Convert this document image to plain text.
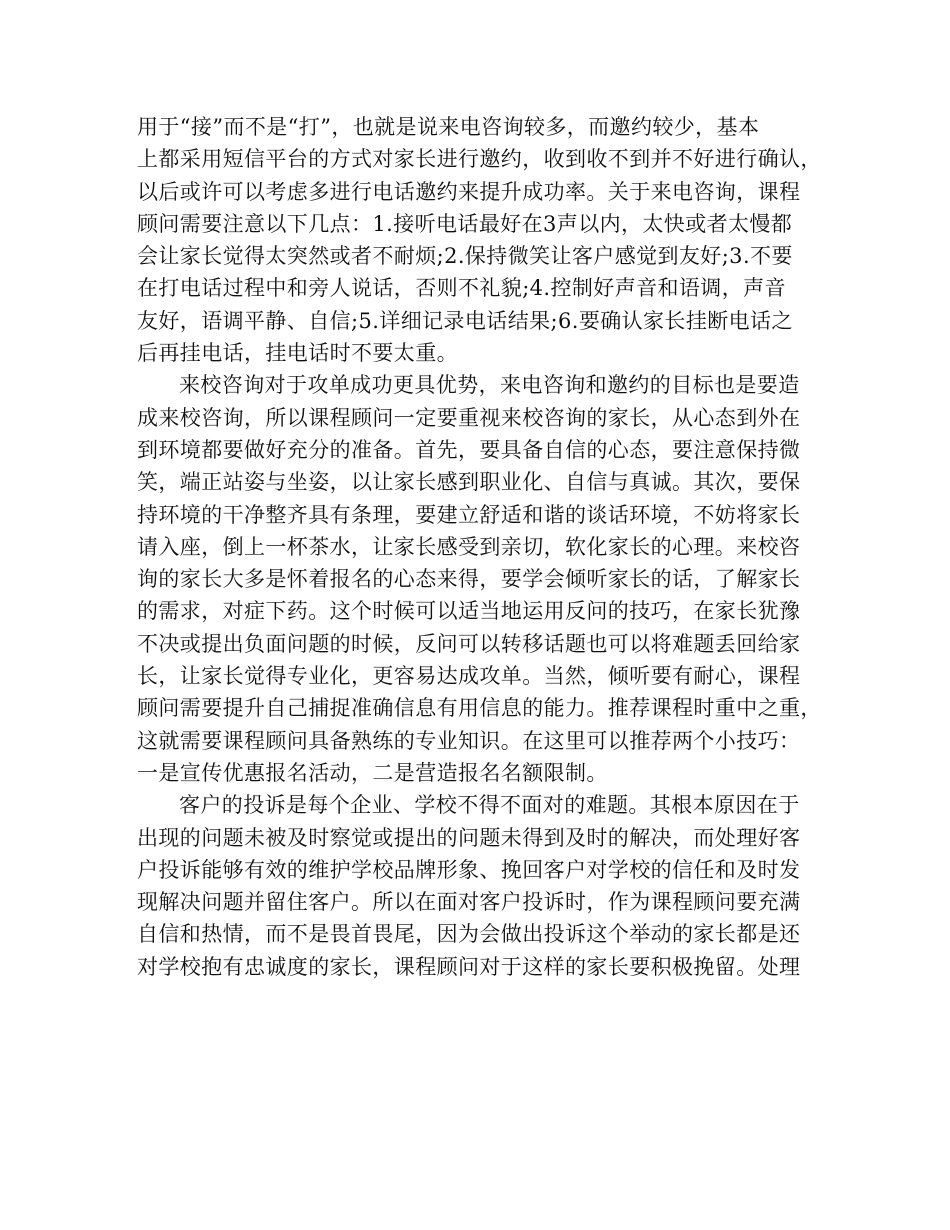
用于“接”而不是“打”，也就是说来电咨询较多，而邀约较少，基本
上都采用短信平台的方式对家长进行邀约，收到收不到并不好进行确认，
以后或许可以考虑多进行电话邀约来提升成功率。关于来电咨询，课程
顾问需要注意以下几点：1.接听电话最好在3声以内，太快或者太慢都
会让家长觉得太突然或者不耐烦;2.保持微笑让客户感觉到友好;3.不要
在打电话过程中和旁人说话，否则不礼貌;4.控制好声音和语调，声音
友好，语调平静、自信;5.详细记录电话结果;6.要确认家长挂断电话之
后再挂电话，挂电话时不要太重。
来校咨询对于攻单成功更具优势，来电咨询和邀约的目标也是要造
成来校咨询，所以课程顾问一定要重视来校咨询的家长，从心态到外在
到环境都要做好充分的准备。首先，要具备自信的心态，要注意保持微
笑，端正站姿与坐姿，以让家长感到职业化、自信与真诚。其次，要保
持环境的干净整齐具有条理，要建立舒适和谐的谈话环境，不妨将家长
请入座，倒上一杯茶水，让家长感受到亲切，软化家长的心理。来校咨
询的家长大多是怀着报名的心态来得，要学会倾听家长的话，了解家长
的需求，对症下药。这个时候可以适当地运用反问的技巧，在家长犹豫
不决或提出负面问题的时候，反问可以转移话题也可以将难题丢回给家
长，让家长觉得专业化，更容易达成攻单。当然，倾听要有耐心，课程
顾问需要提升自己捕捉准确信息有用信息的能力。推荐课程时重中之重，
这就需要课程顾问具备熟练的专业知识。在这里可以推荐两个小技巧：
一是宣传优惠报名活动，二是营造报名名额限制。
客户的投诉是每个企业、学校不得不面对的难题。其根本原因在于
出现的问题未被及时察觉或提出的问题未得到及时的解决，而处理好客
户投诉能够有效的维护学校品牌形象、挽回客户对学校的信任和及时发
现解决问题并留住客户。所以在面对客户投诉时，作为课程顾问要充满
自信和热情，而不是畏首畏尾，因为会做出投诉这个举动的家长都是还
对学校抱有忠诚度的家长，课程顾问对于这样的家长要积极挽留。处理
